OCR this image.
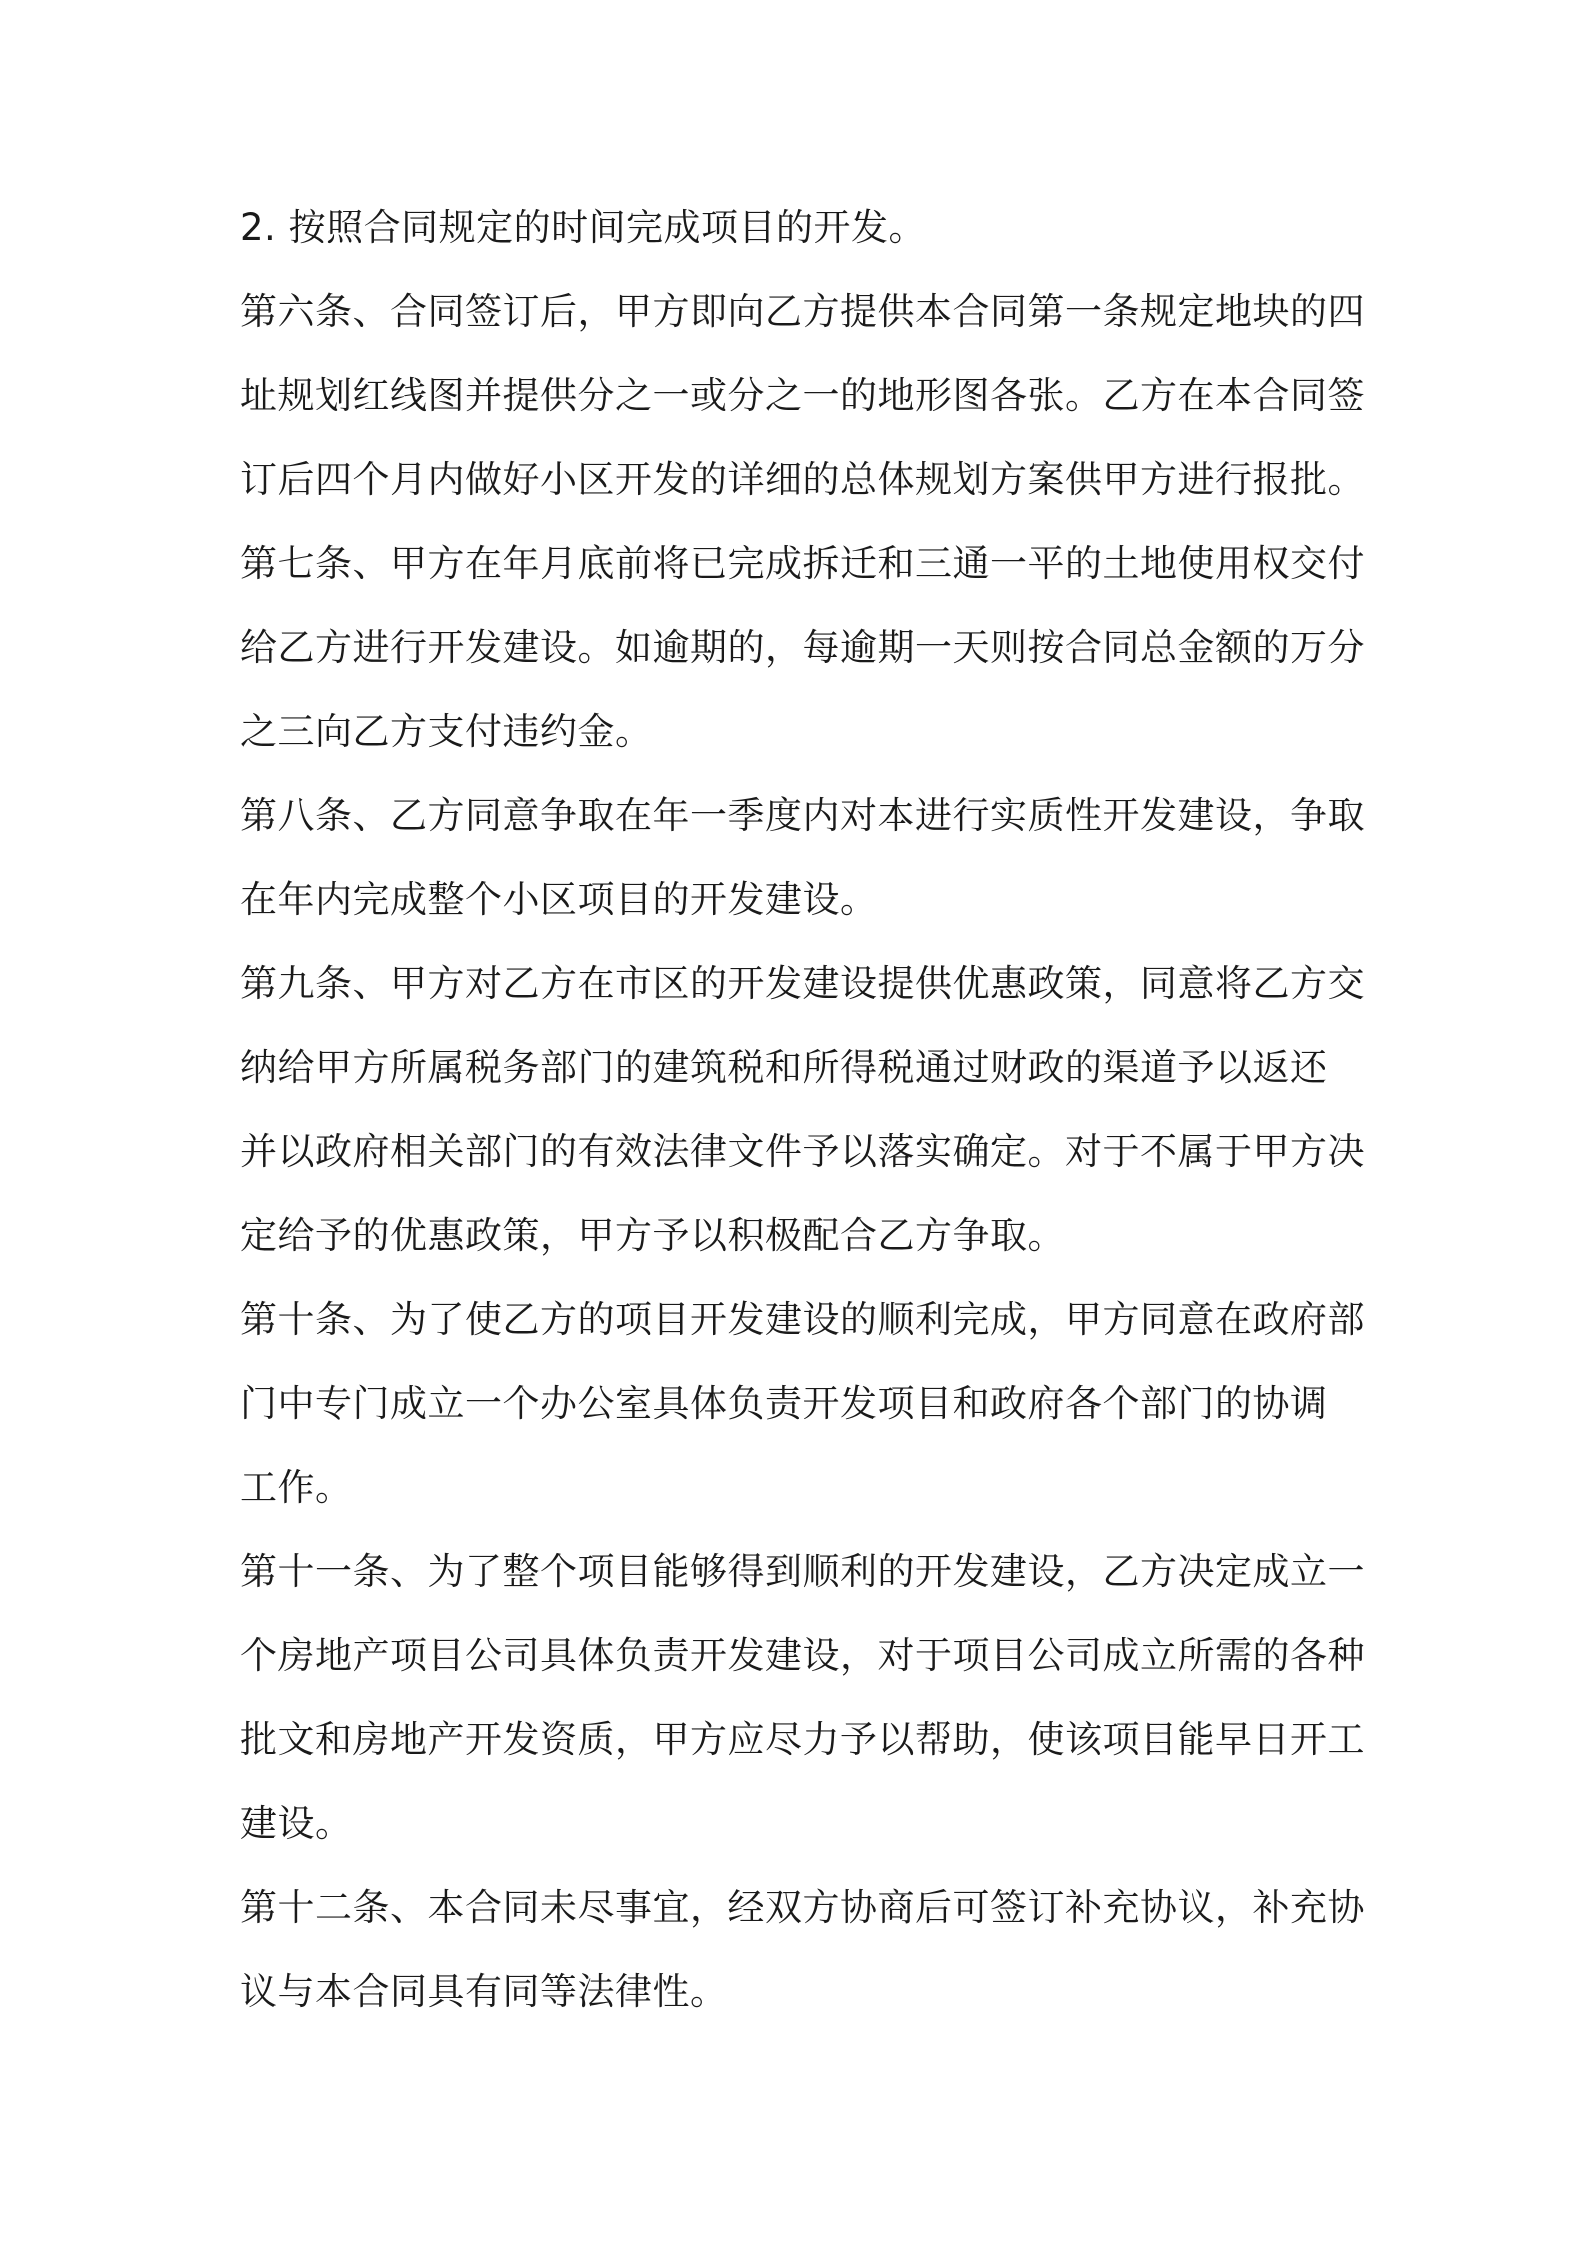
2. 按照合同规定的时间完成项目的开发。

第六条、合同签订后，甲方即向乙方提供本合同第一条规定地块的四
址规划红线图并提供分之一或分之一的地形图各张。乙方在本合同签
订后四个月内做好小区开发的详细的总体规划方案供甲方进行报批。

第七条、甲方在年月底前将已完成拆迁和三通一平的土地使用权交付
给乙方进行开发建设。如逾期的，每逾期一天则按合同总金额的万分
之三向乙方支付违约金。

第八条、乙方同意争取在年一季度内对本进行实质性开发建设，争取
在年内完成整个小区项目的开发建设。

第九条、甲方对乙方在市区的开发建设提供优惠政策，同意将乙方交
纳给甲方所属税务部门的建筑税和所得税通过财政的渠道予以返还
并以政府相关部门的有效法律文件予以落实确定。对于不属于甲方决
定给予的优惠政策，甲方予以积极配合乙方争取。

第十条、为了使乙方的项目开发建设的顺利完成，甲方同意在政府部
门中专门成立一个办公室具体负责开发项目和政府各个部门的协调
工作。

第十一条、为了整个项目能够得到顺利的开发建设，乙方决定成立一
个房地产项目公司具体负责开发建设，对于项目公司成立所需的各种
批文和房地产开发资质，甲方应尽力予以帮助，使该项目能早日开工
建设。

第十二条、本合同未尽事宜，经双方协商后可签订补充协议，补充协
议与本合同具有同等法律性。
